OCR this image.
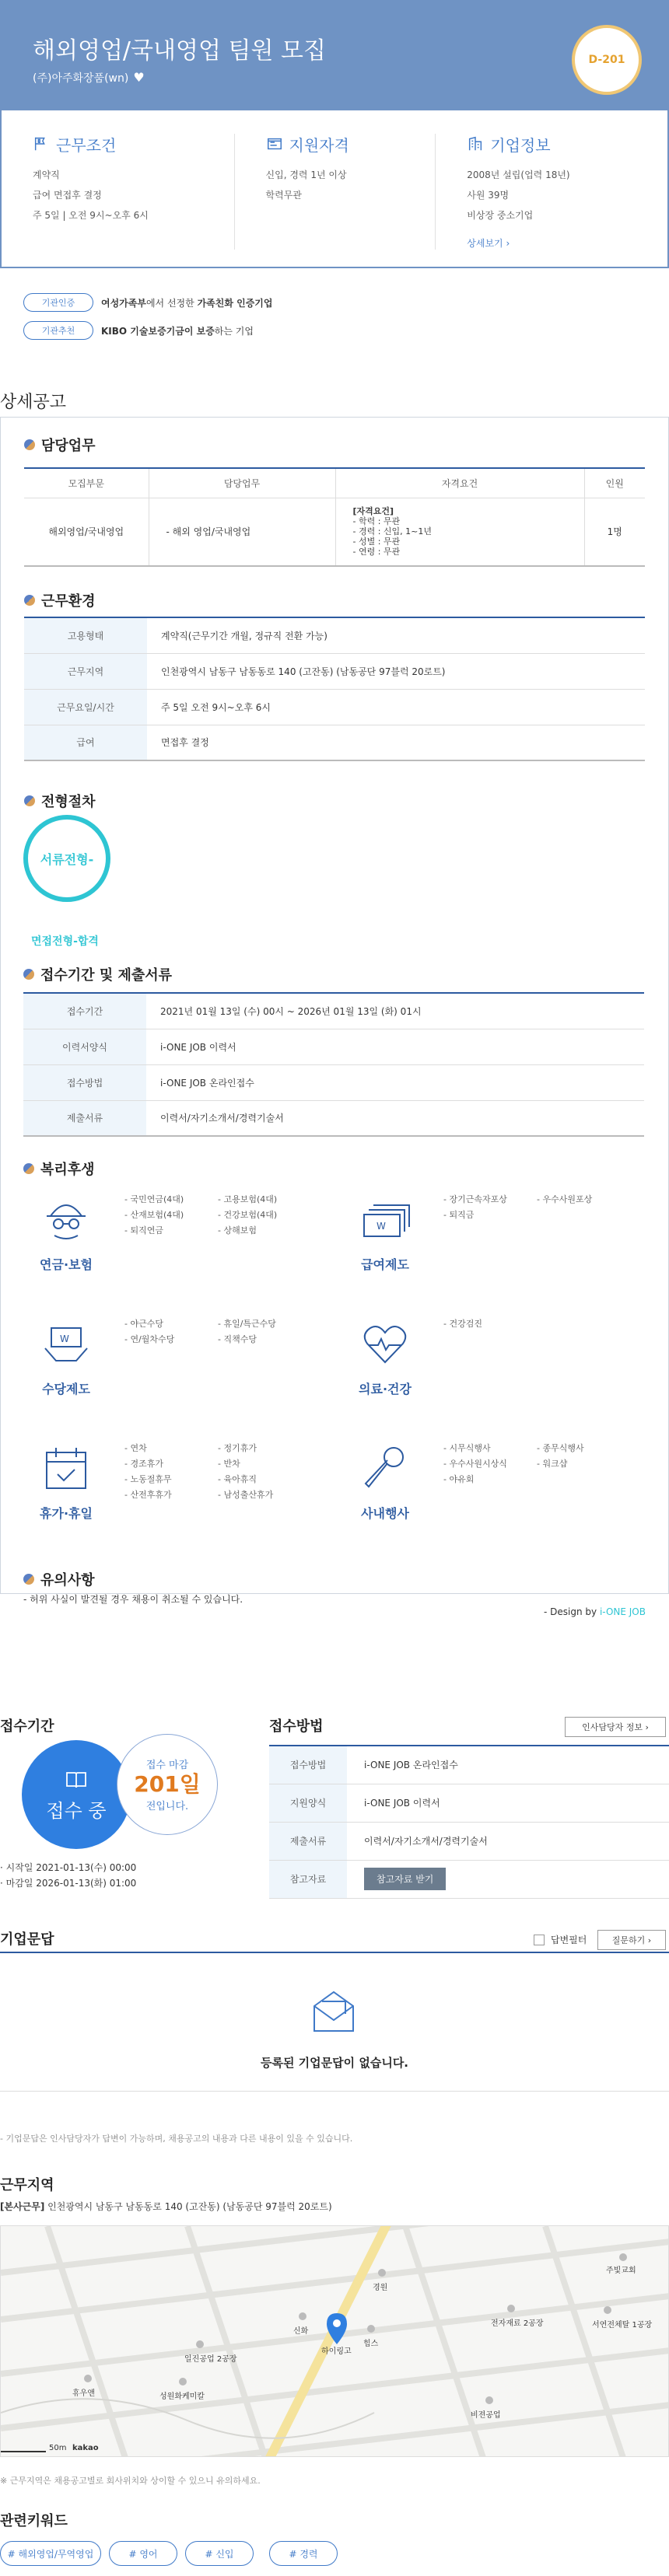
해외영업/국내영업 팀원 모집
(주)아주화장품(wn) ♥
D-201
근무조건

계약직

급여 면접후 결정

주 5일 | 오전 9시~오후 6시

지원자격

신입, 경력 1년 이상

학력무관

기업정보

2008년 설립(업력 18년)

사원 39명

비상장 중소기업

상세보기 ›
기관인증	여성가족부에서 선정한 가족친화 인증기업
기관추천	KIBO 기술보증기금이 보증하는 기업
상세공고
담당업무
모집부문	담당업무	자격요건	인원
해외영업/국내영업	- 해외 영업/국내영업	[자격요건]
- 학력 : 무관
- 경력 : 신입, 1~1년
- 성별 : 무관
- 연령 : 무관	1명
근무환경
고용형태	계약직(근무기간 개월, 정규직 전환 가능)
근무지역	인천광역시 남동구 남동동로 140 (고잔동) (남동공단 97블럭 20로트)
근무요일/시간	주 5일 오전 9시~오후 6시
급여	면접후 결정
전형절차
서류전형-
면접전형-합격
접수기간 및 제출서류
접수기간	2021년 01월 13일 (수) 00시 ~ 2026년 01월 13일 (화) 01시
이력서양식	i-ONE JOB 이력서
접수방법	i-ONE JOB 온라인접수
제출서류	이력서/자기소개서/경력기술서
복리후생
연금·보험
- 국민연금(4대)	- 고용보험(4대)
- 산재보험(4대)	- 건강보험(4대)
- 퇴직연금	- 상해보험	W
급여제도
- 장기근속자포상	- 우수사원포상
- 퇴직금
W
수당제도
- 야근수당	- 휴일/특근수당
- 연/월차수당	- 직책수당
의료·건강
- 건강검진
휴가·휴일
- 연차	- 정기휴가
- 경조휴가	- 반차
- 노동절휴무	- 육아휴직
- 산전후휴가	- 남성출산휴가
사내행사
- 시무식행사	- 종무식행사
- 우수사원시상식	- 워크샵
- 야유회
유의사항
- 허위 사실이 발견될 경우 채용이 취소될 수 있습니다.
- Design by i-ONE JOB
접수기간
접수 중
접수 마감
201일
전입니다.
· 시작일 2021-01-13(수) 00:00
· 마감일 2026-01-13(화) 01:00
접수방법	인사담당자 정보 ›
접수방법	i-ONE JOB 온라인접수
지원양식	i-ONE JOB 이력서
제출서류	이력서/자기소개서/경력기술서
참고자료	참고자료 받기
기업문답	답변필터	질문하기 ›
등록된 기업문답이 없습니다.
- 기업문답은 인사담당자가 답변이 가능하며, 채용공고의 내용과 다른 내용이 있을 수 있습니다.
근무지역
[본사근무] 인천광역시 남동구 남동동로 140 (고잔동) (남동공단 97블럭 20로트)
경원
신화
하이링고
힘스
일진공업 2공장
휴우앤	성원화케미칼
전자재료 2공장	서연전체탈 1공장
주빛교회
비젼공업
50m kakao
※ 근무지역은 채용공고별로 회사위치와 상이할 수 있으니 유의하세요.
관련키워드
# 해외영업/무역영업	# 영어	# 신입	# 경력
